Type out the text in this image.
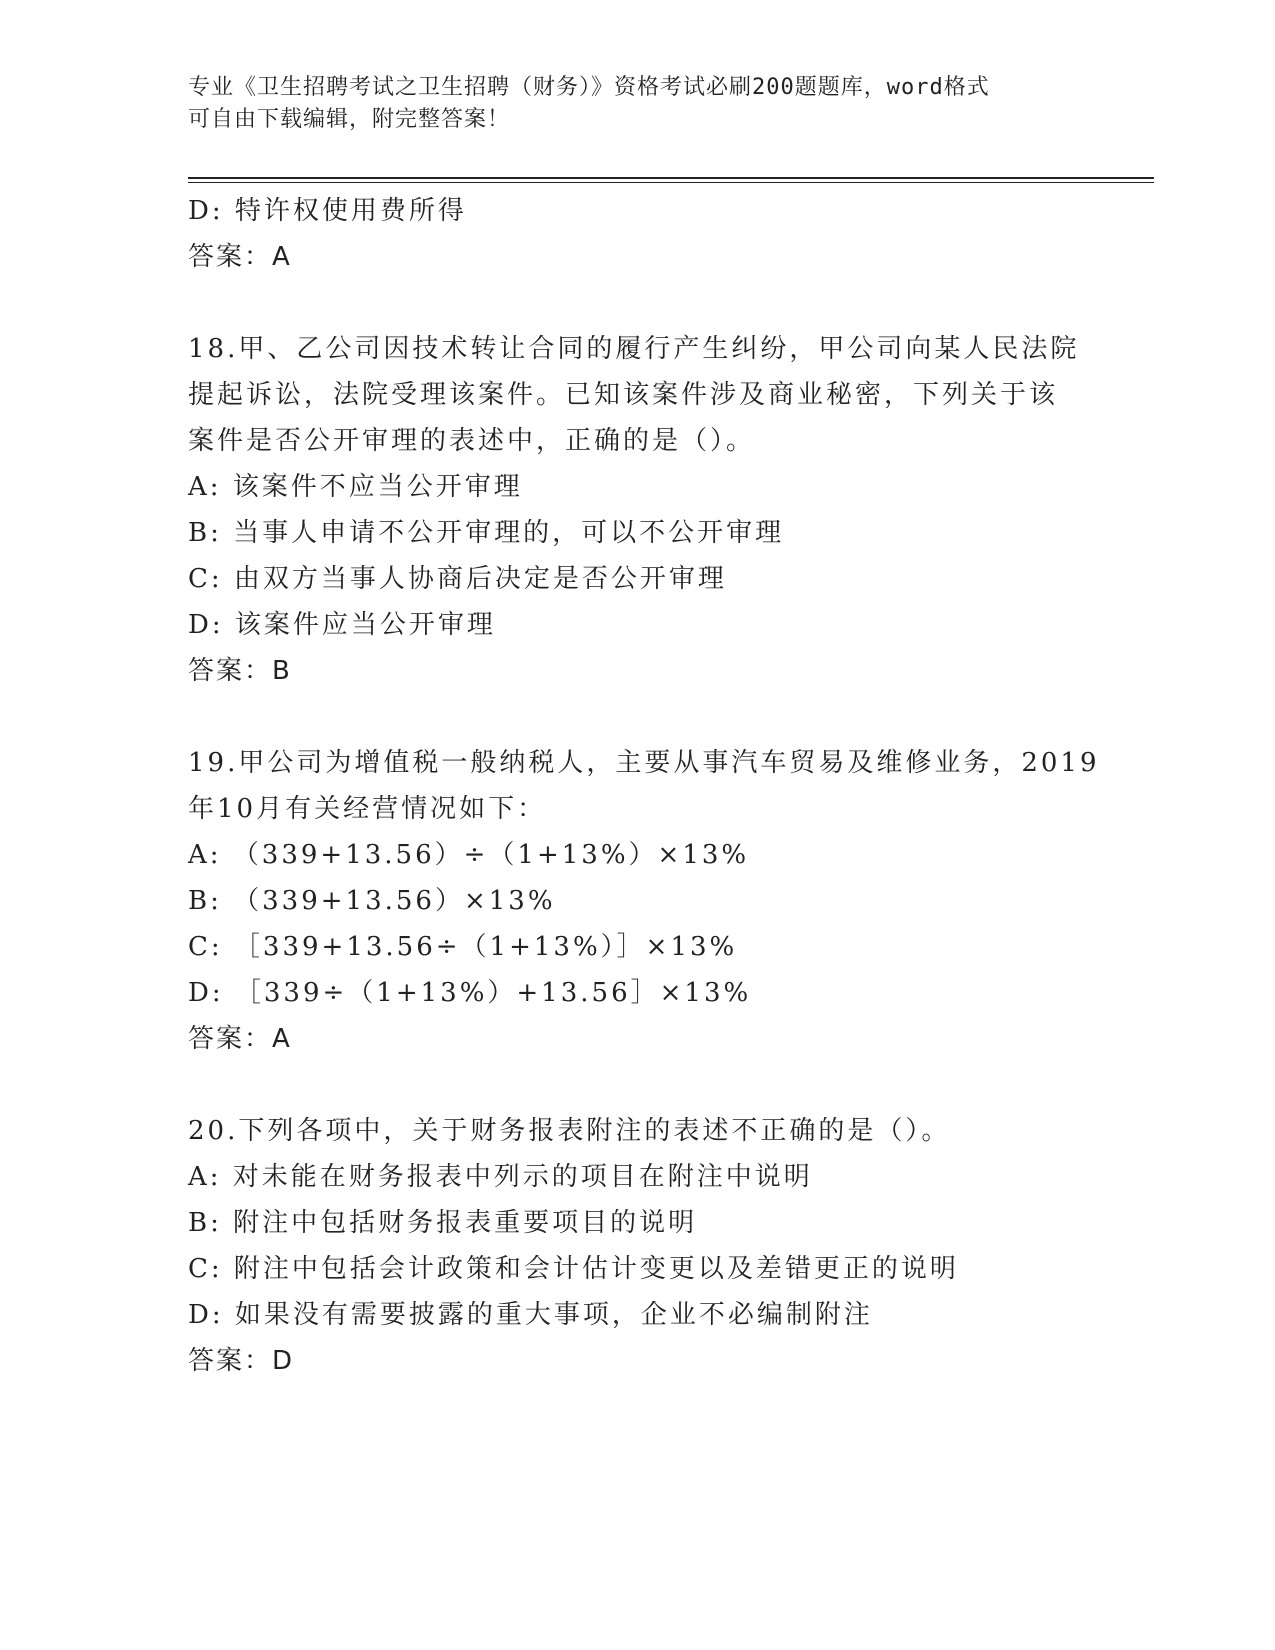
专业《卫生招聘考试之卫生招聘（财务）》资格考试必刷200题题库，word格式
可自由下载编辑，附完整答案！
D: 特许权使用费所得
答案：A
18.甲、乙公司因技术转让合同的履行产生纠纷，甲公司向某人民法院
提起诉讼，法院受理该案件。已知该案件涉及商业秘密，下列关于该
案件是否公开审理的表述中，正确的是（）。
A: 该案件不应当公开审理
B: 当事人申请不公开审理的，可以不公开审理
C: 由双方当事人协商后决定是否公开审理
D: 该案件应当公开审理
答案：B
19.甲公司为增值税一般纳税人，主要从事汽车贸易及维修业务，2019
年10月有关经营情况如下：
A: （339+13.56）÷（1+13%）×13%
B: （339+13.56）×13%
C: ［339+13.56÷（1+13%）］×13%
D: ［339÷（1+13%）+13.56］×13%
答案：A
20.下列各项中，关于财务报表附注的表述不正确的是（）。
A: 对未能在财务报表中列示的项目在附注中说明
B: 附注中包括财务报表重要项目的说明
C: 附注中包括会计政策和会计估计变更以及差错更正的说明
D: 如果没有需要披露的重大事项，企业不必编制附注
答案：D
